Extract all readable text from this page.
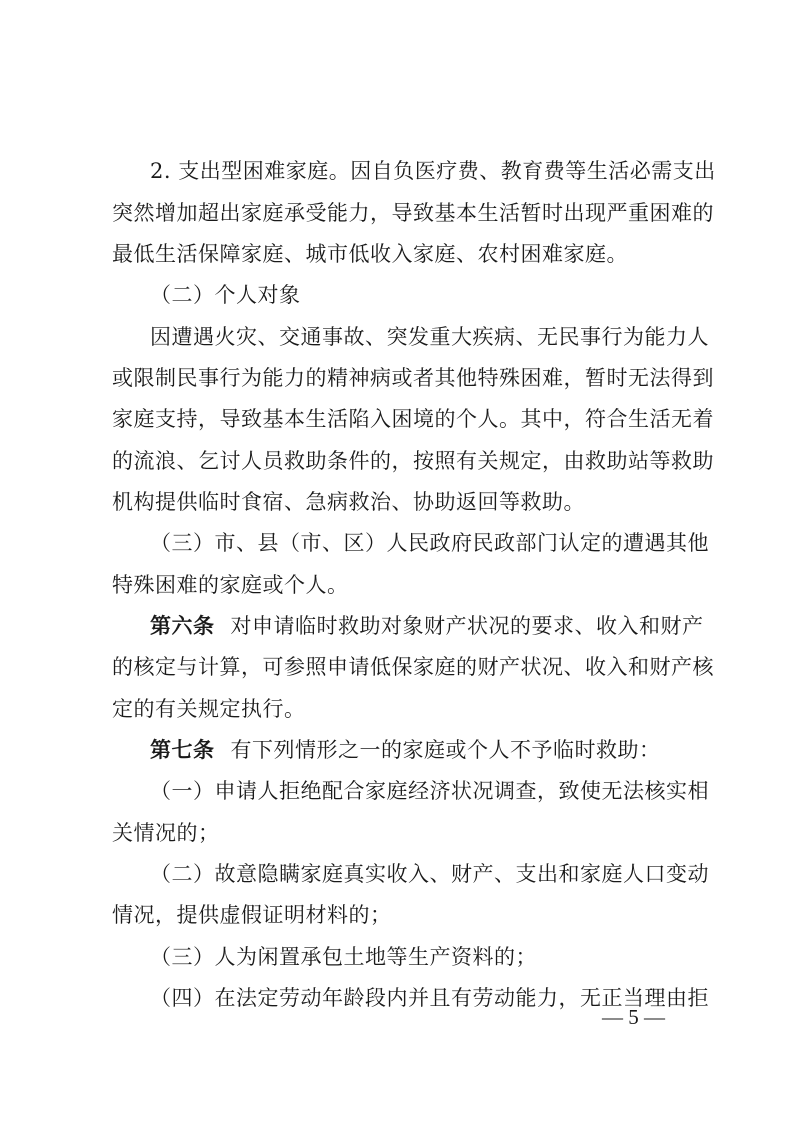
2. 支出型困难家庭。因自负医疗费、教育费等生活必需支出
突然增加超出家庭承受能力，导致基本生活暂时出现严重困难的
最低生活保障家庭、城市低收入家庭、农村困难家庭。
（二）个人对象
因遭遇火灾、交通事故、突发重大疾病、无民事行为能力人
或限制民事行为能力的精神病或者其他特殊困难，暂时无法得到
家庭支持，导致基本生活陷入困境的个人。其中，符合生活无着
的流浪、乞讨人员救助条件的，按照有关规定，由救助站等救助
机构提供临时食宿、急病救治、协助返回等救助。
（三）市、县（市、区）人民政府民政部门认定的遭遇其他
特殊困难的家庭或个人。
第六条 对申请临时救助对象财产状况的要求、收入和财产
的核定与计算，可参照申请低保家庭的财产状况、收入和财产核
定的有关规定执行。
第七条 有下列情形之一的家庭或个人不予临时救助：
（一）申请人拒绝配合家庭经济状况调查，致使无法核实相
关情况的；
（二）故意隐瞒家庭真实收入、财产、支出和家庭人口变动
情况，提供虚假证明材料的；
（三）人为闲置承包土地等生产资料的；
（四）在法定劳动年龄段内并且有劳动能力，无正当理由拒
— 5 —
